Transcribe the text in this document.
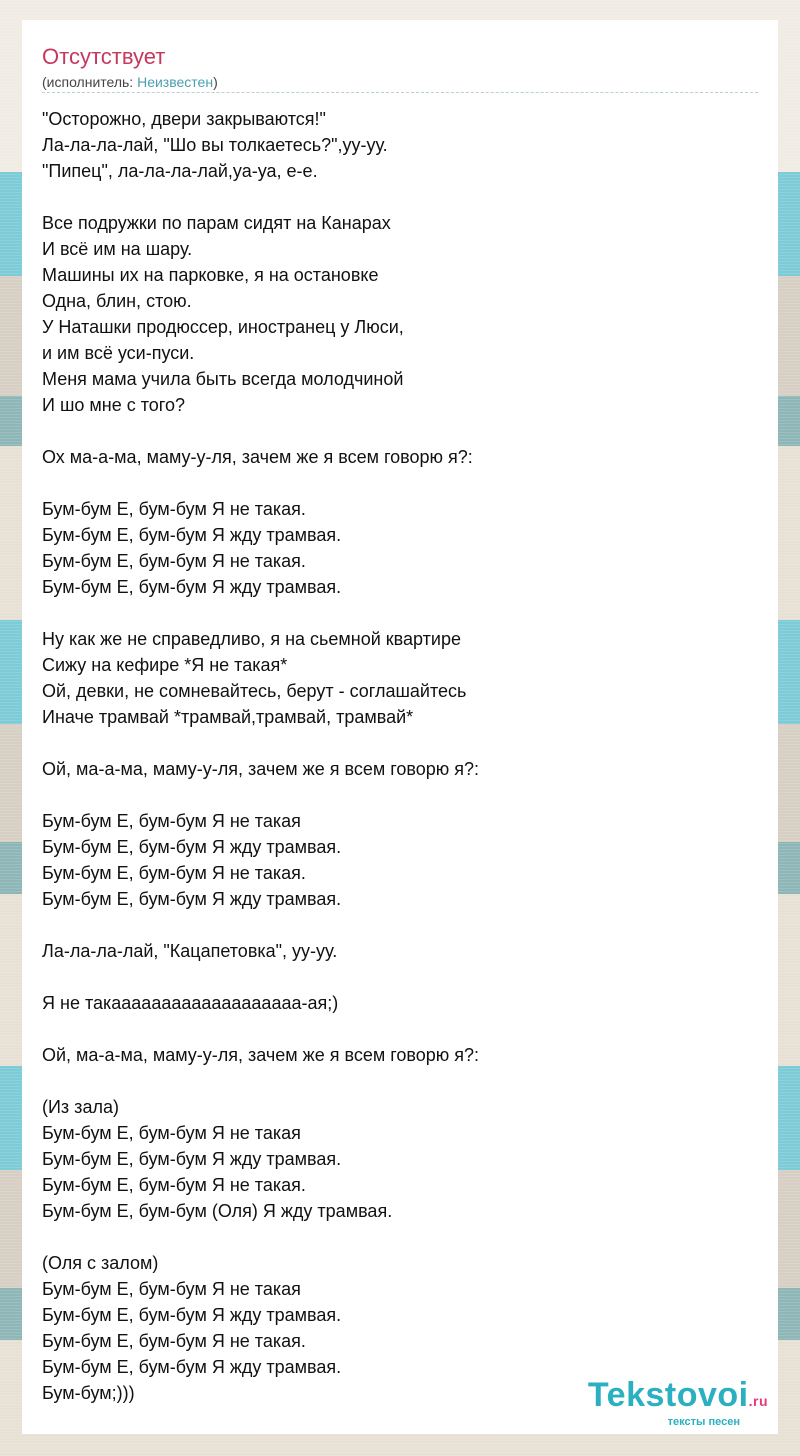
Отсутствует
(исполнитель: Неизвестен)
"Осторожно, двери закрываются!"
Ла-ла-ла-лай, "Шо вы толкаетесь?",уу-уу.
"Пипец", ла-ла-ла-лай,уа-уа, е-е.
Все подружки по парам сидят на Канарах
И всё им на шару.
Машины их на парковке, я на остановке
Одна, блин, стою.
У Наташки продюссер, иностранец у Люси,
и им всё уси-пуси.
Меня мама учила быть всегда молодчиной
И шо мне с того?
Ох ма-а-ма, маму-у-ля, зачем же я всем говорю я?:
Бум-бум Е, бум-бум Я не такая.
Бум-бум Е, бум-бум Я жду трамвая.
Бум-бум Е, бум-бум Я не такая.
Бум-бум Е, бум-бум Я жду трамвая.
Ну как же не справедливо, я на сьемной квартире
Сижу на кефире *Я не такая*
Ой, девки, не сомневайтесь, берут - соглашайтесь
Иначе трамвай *трамвай,трамвай, трамвай*
Ой, ма-а-ма, маму-у-ля, зачем же я всем говорю я?:
Бум-бум Е, бум-бум Я не такая
Бум-бум Е, бум-бум Я жду трамвая.
Бум-бум Е, бум-бум Я не такая.
Бум-бум Е, бум-бум Я жду трамвая.
Ла-ла-ла-лай, "Кацапетовка", уу-уу.
Я не такааааааааааааааааааа-ая;)
Ой, ма-а-ма, маму-у-ля, зачем же я всем говорю я?:
(Из зала)
Бум-бум Е, бум-бум Я не такая
Бум-бум Е, бум-бум Я жду трамвая.
Бум-бум Е, бум-бум Я не такая.
Бум-бум Е, бум-бум (Оля) Я жду трамвая.
(Оля с залом)
Бум-бум Е, бум-бум Я не такая
Бум-бум Е, бум-бум Я жду трамвая.
Бум-бум Е, бум-бум Я не такая.
Бум-бум Е, бум-бум Я жду трамвая.
Бум-бум;)))	Tekstovoi.ru
тексты песен
